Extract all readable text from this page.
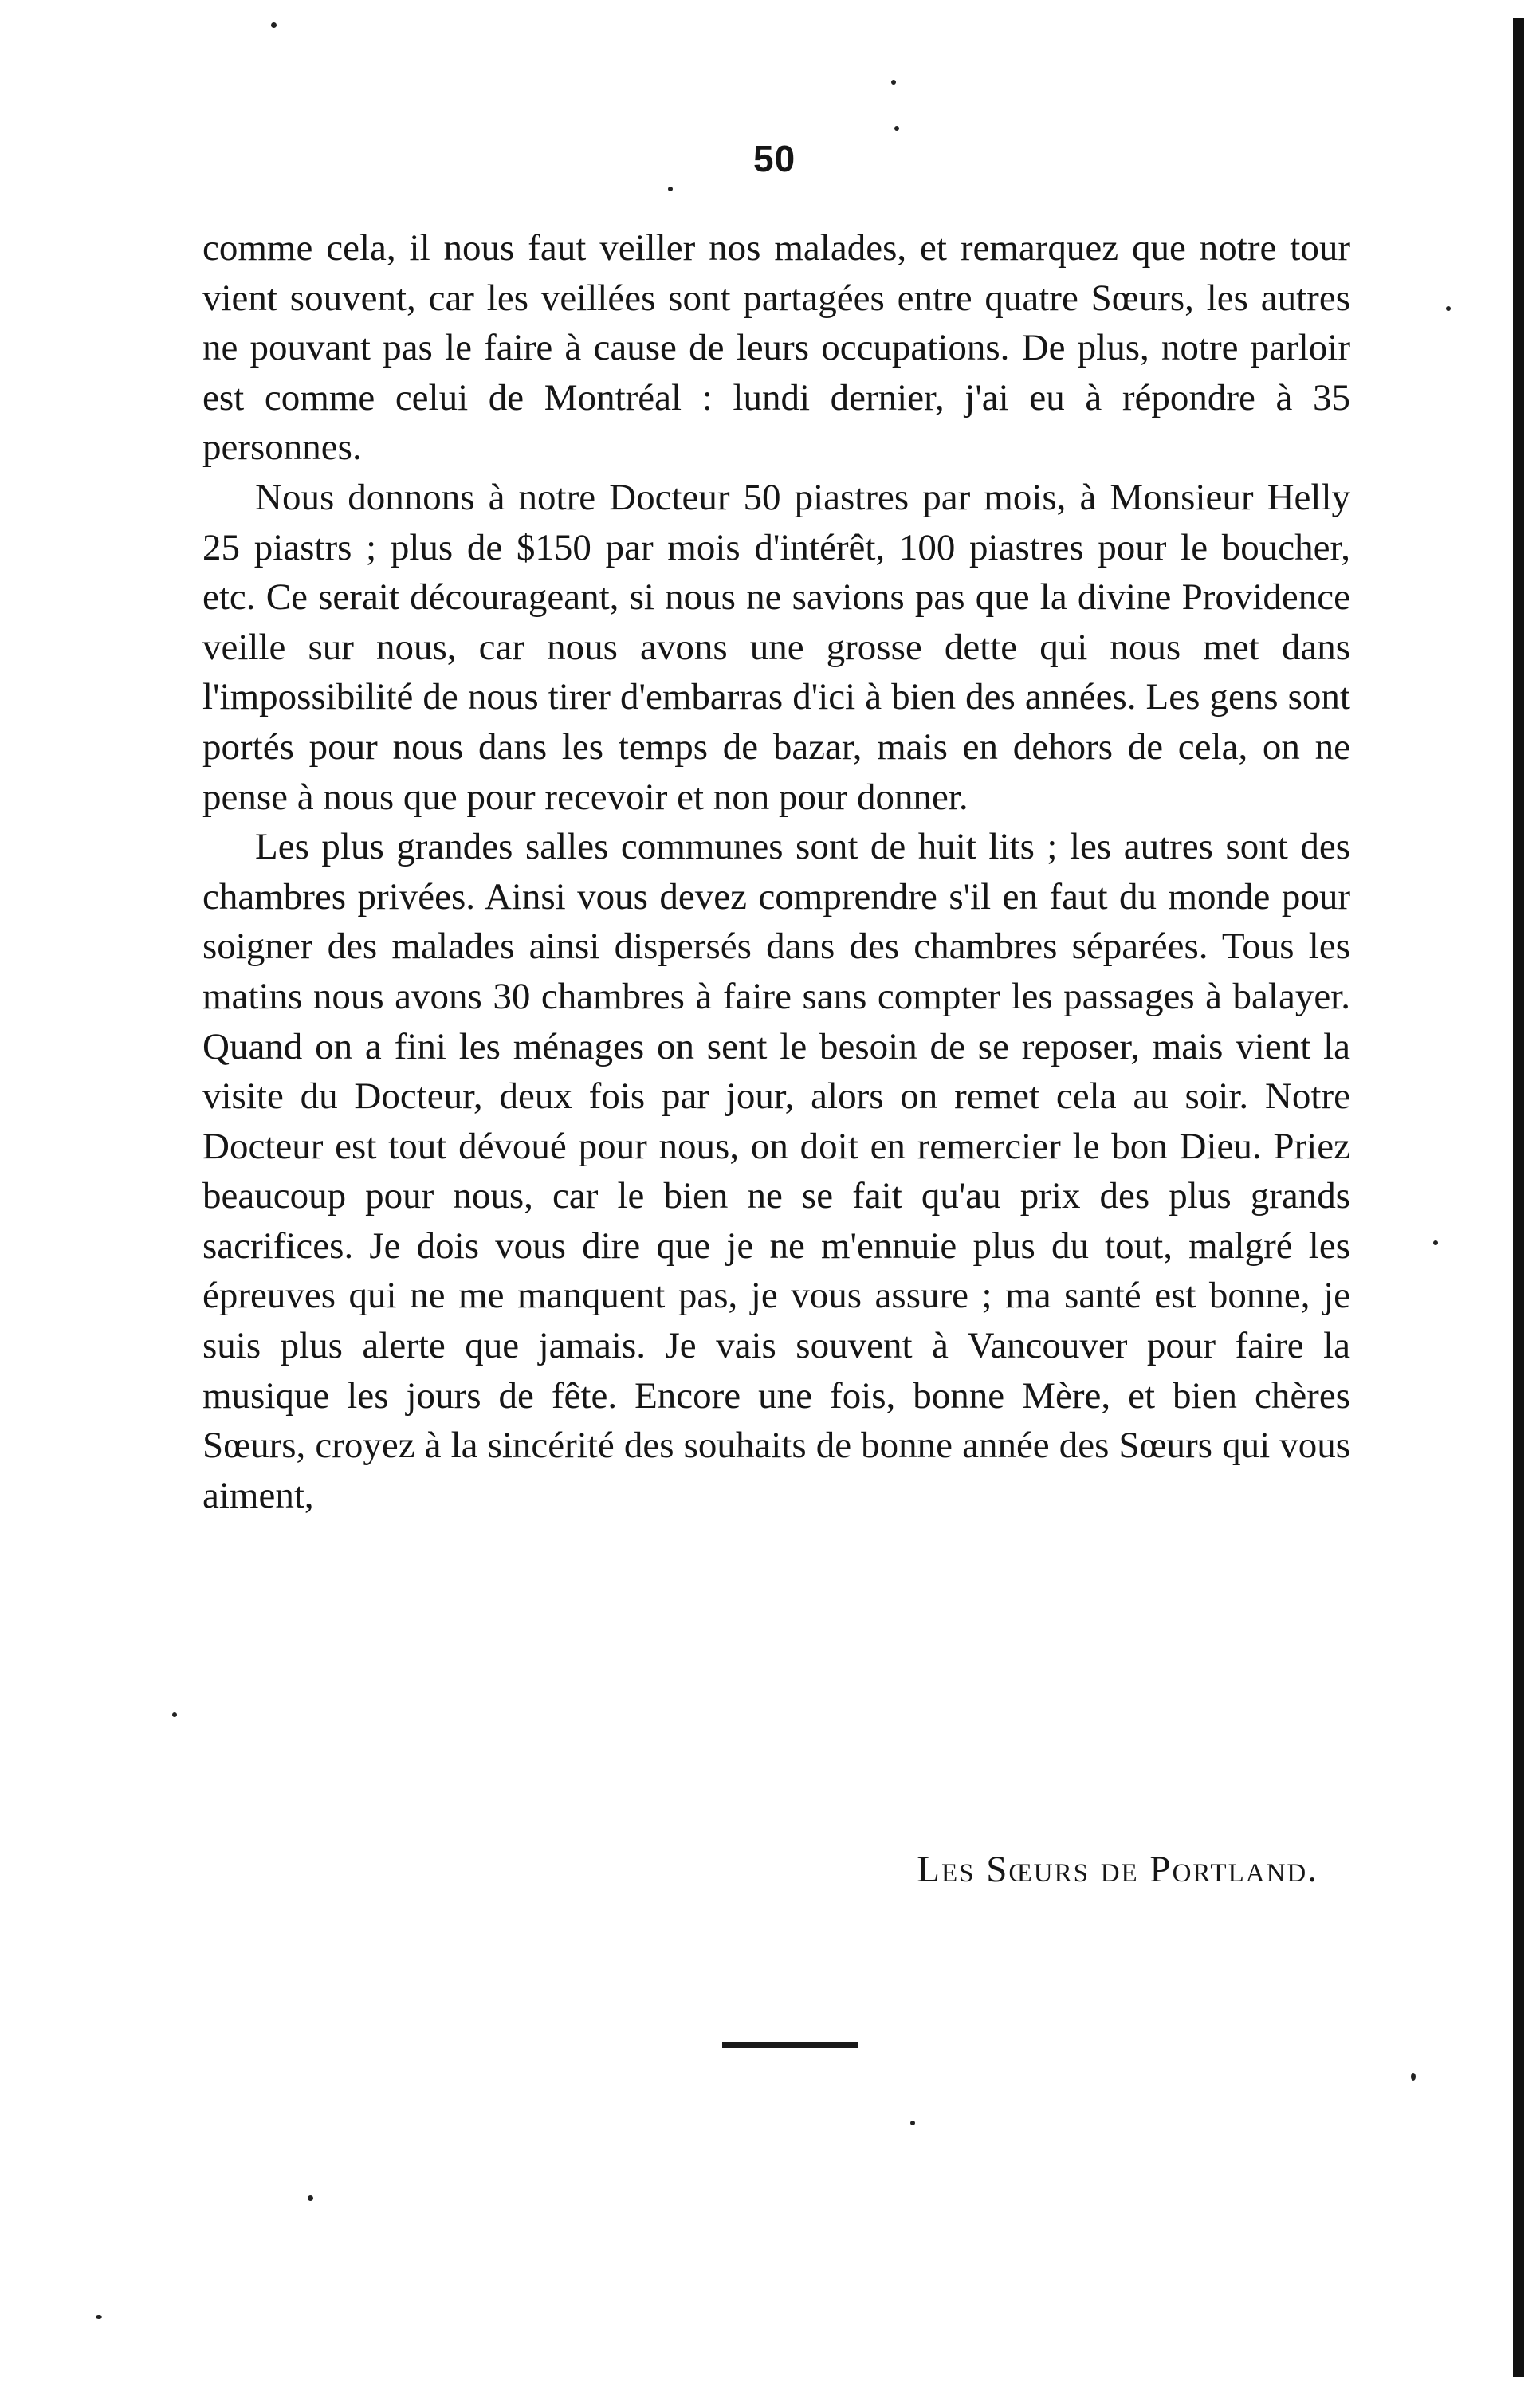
50

comme cela, il nous faut veiller nos malades, et remarquez que notre tour vient souvent, car les veillées sont partagées entre quatre Sœurs, les autres ne pouvant pas le faire à cause de leurs occupations. De plus, notre parloir est comme celui de Montréal : lundi dernier, j'ai eu à répondre à 35 personnes.

Nous donnons à notre Docteur 50 piastres par mois, à Monsieur Helly 25 piastrs ; plus de $150 par mois d'intérêt, 100 piastres pour le boucher, etc. Ce serait décourageant, si nous ne savions pas que la divine Providence veille sur nous, car nous avons une grosse dette qui nous met dans l'impossibilité de nous tirer d'embarras d'ici à bien des années. Les gens sont portés pour nous dans les temps de bazar, mais en dehors de cela, on ne pense à nous que pour recevoir et non pour donner.

Les plus grandes salles communes sont de huit lits ; les autres sont des chambres privées. Ainsi vous devez comprendre s'il en faut du monde pour soigner des malades ainsi dispersés dans des chambres séparées. Tous les matins nous avons 30 chambres à faire sans compter les passages à balayer. Quand on a fini les ménages on sent le besoin de se reposer, mais vient la visite du Docteur, deux fois par jour, alors on remet cela au soir. Notre Docteur est tout dévoué pour nous, on doit en remercier le bon Dieu. Priez beaucoup pour nous, car le bien ne se fait qu'au prix des plus grands sacrifices. Je dois vous dire que je ne m'ennuie plus du tout, malgré les épreuves qui ne me manquent pas, je vous assure ; ma santé est bonne, je suis plus alerte que jamais. Je vais souvent à Vancouver pour faire la musique les jours de fête. Encore une fois, bonne Mère, et bien chères Sœurs, croyez à la sincérité des souhaits de bonne année des Sœurs qui vous aiment,

Les Sœurs de Portland.
